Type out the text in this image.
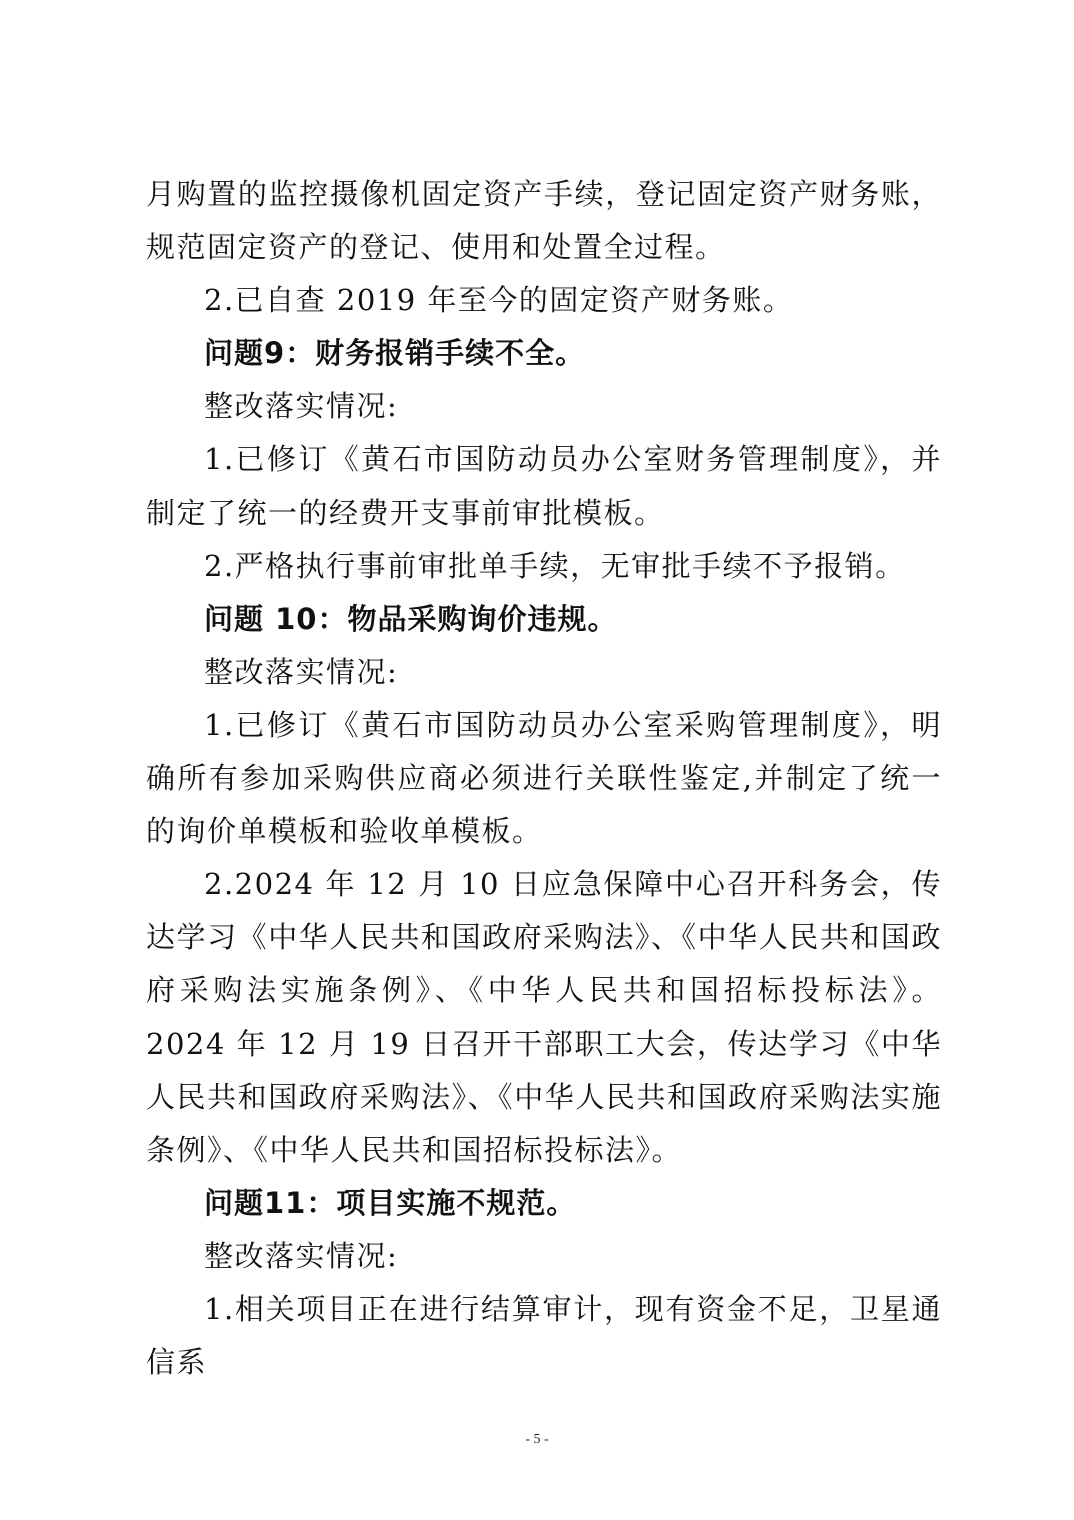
月购置的监控摄像机固定资产手续，登记固定资产财务账，规范固定资产的登记、使用和处置全过程。

2.已自查 2019 年至今的固定资产财务账。

问题9：财务报销手续不全。

整改落实情况:

1.已修订《黄石市国防动员办公室财务管理制度》，并制定了统一的经费开支事前审批模板。

2.严格执行事前审批单手续，无审批手续不予报销。

问题 10：物品采购询价违规。

整改落实情况:

1.已修订《黄石市国防动员办公室采购管理制度》，明确所有参加采购供应商必须进行关联性鉴定,并制定了统一的询价单模板和验收单模板。

2.2024 年 12 月 10 日应急保障中心召开科务会，传达学习《中华人民共和国政府采购法》、《中华人民共和国政府采购法实施条例》、《中华人民共和国招标投标法》。2024 年 12 月 19 日召开干部职工大会，传达学习《中华人民共和国政府采购法》、《中华人民共和国政府采购法实施条例》、《中华人民共和国招标投标法》。

问题11：项目实施不规范。

整改落实情况:

1.相关项目正在进行结算审计，现有资金不足，卫星通信系

- 5 -
